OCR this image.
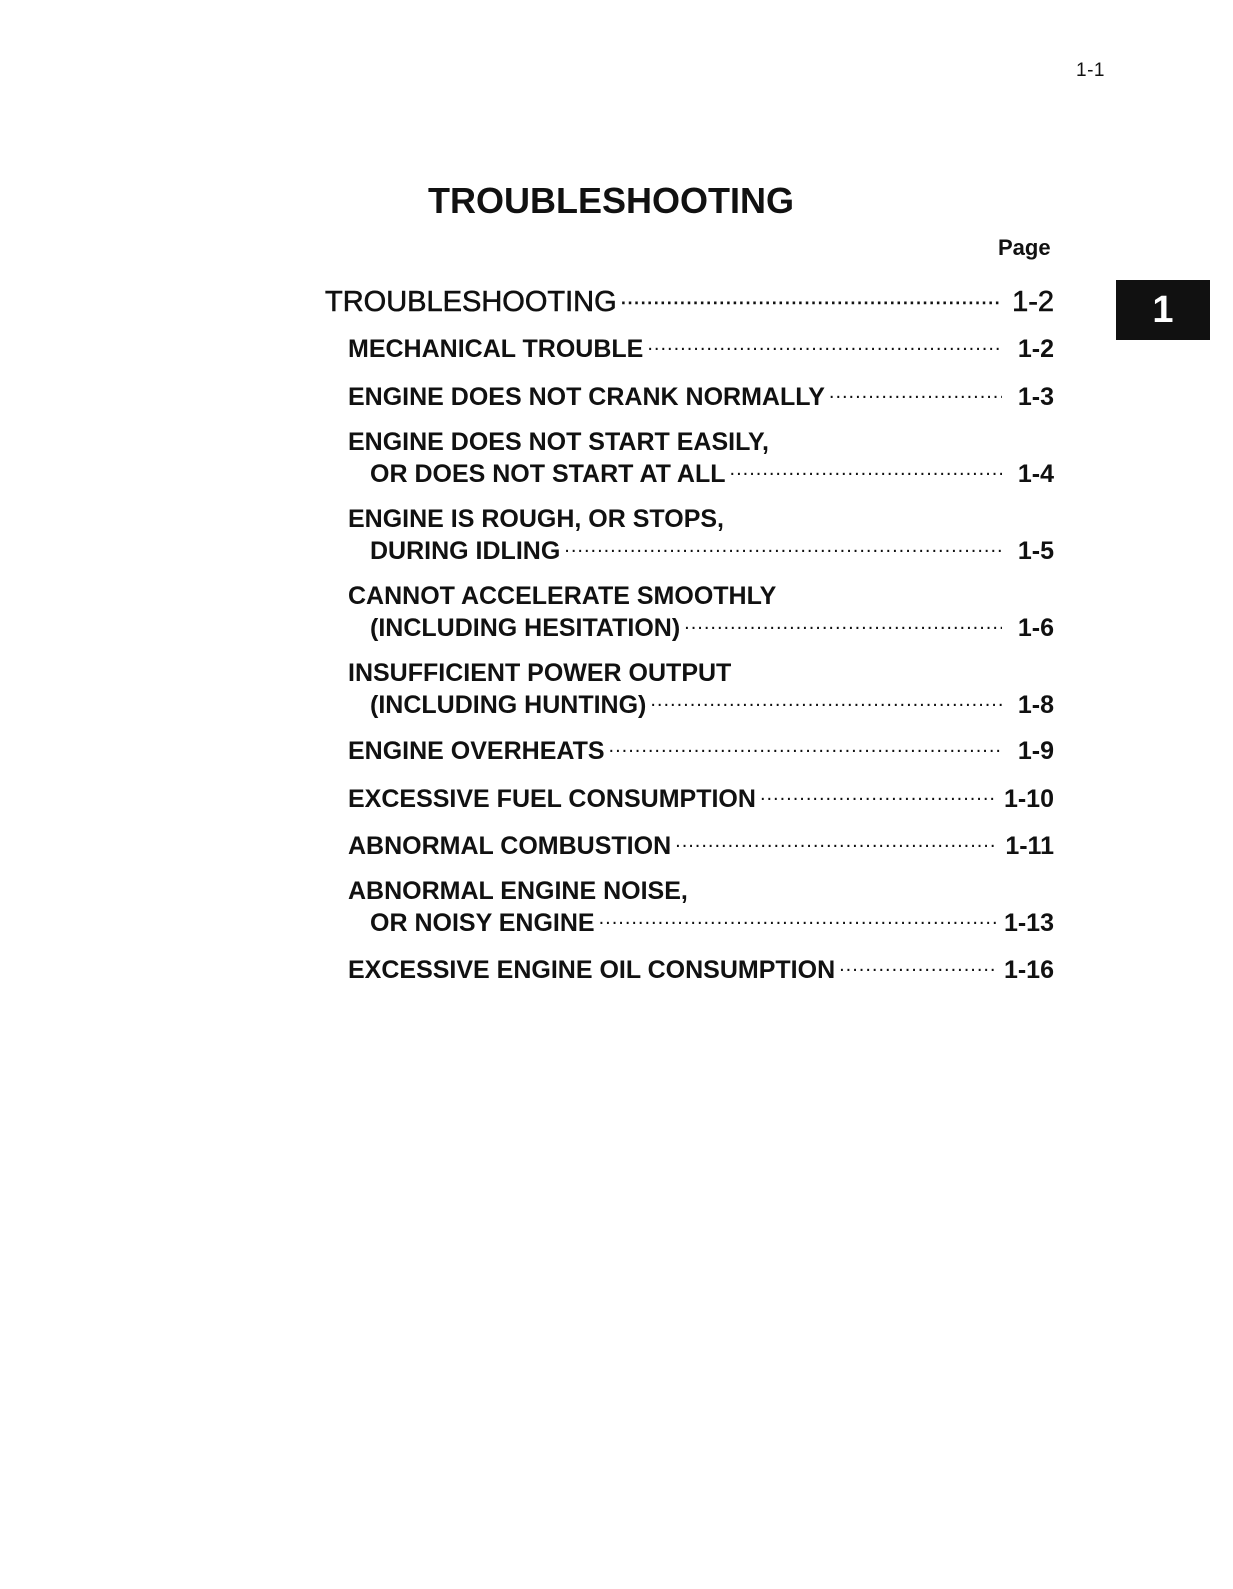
1-1
TROUBLESHOOTING
Page
1
TROUBLESHOOTING .....	1-2
MECHANICAL TROUBLE .....	1-2
ENGINE DOES NOT CRANK NORMALLY .....	1-3
ENGINE DOES NOT START EASILY,
OR DOES NOT START AT ALL .....	1-4
ENGINE IS ROUGH, OR STOPS,
DURING IDLING .....	1-5
CANNOT ACCELERATE SMOOTHLY
(INCLUDING HESITATION) .....	1-6
INSUFFICIENT POWER OUTPUT
(INCLUDING HUNTING) .....	1-8
ENGINE OVERHEATS .....	1-9
EXCESSIVE FUEL CONSUMPTION .....	1-10
ABNORMAL COMBUSTION .....	1-11
ABNORMAL ENGINE NOISE,
OR NOISY ENGINE .....	1-13
EXCESSIVE ENGINE OIL CONSUMPTION .....	1-16
